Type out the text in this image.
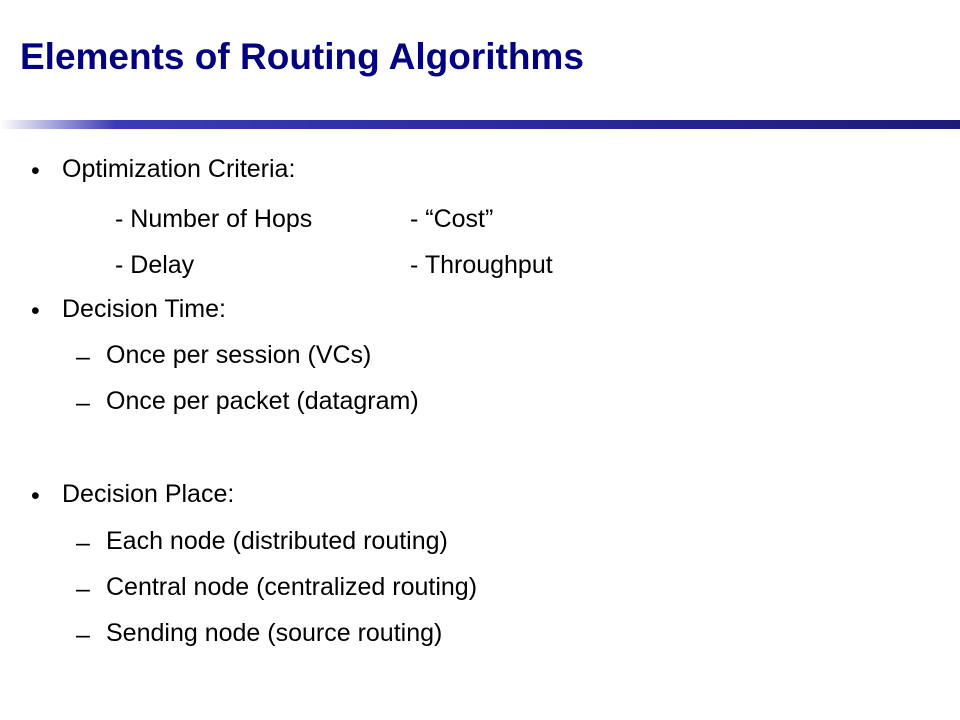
Elements of Routing Algorithms
• Optimization Criteria:
- Number of Hops	- “Cost”
- Delay	- Throughput
• Decision Time:
– Once per session (VCs)
– Once per packet (datagram)
• Decision Place:
– Each node (distributed routing)
– Central node (centralized routing)
– Sending node (source routing)
